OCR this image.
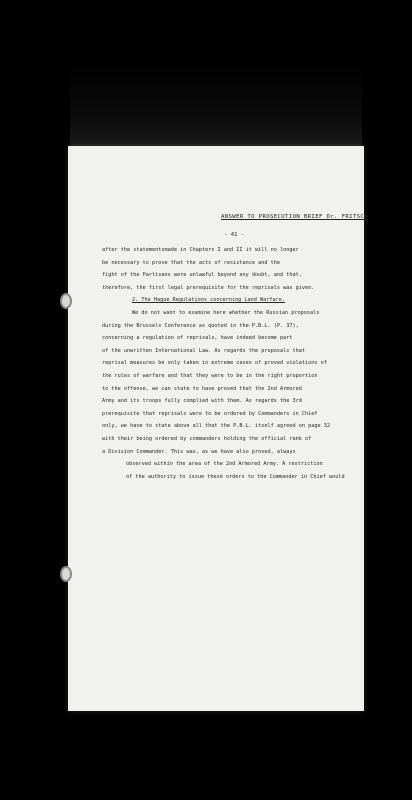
ANSWER TO PROSECUTION BRIEF Dr. FRITSCH
- 41 -

after the statementsmade in Chapters I and II it will no longer

be necessary to prove that the acts of resistance and the

fight of the Partisans were unlawful beyond any doubt, and that,

therefore, the first legal prerequisite for the reprisals was given.

2. The Hague Regulations concerning Land Warfare.

We do not want to examine here whether the Russian proposals

during the Brussels Conference as quoted in the P.B.L. (P. 37),

concerning a regulation of reprisals, have indeed become part

of the unwritten International Law. As regards the proposals that

reprisal measures be only taken in extreme cases of proved violations of

the rules of warfare and that they were to be in the right proportion

to the offense, we can state to have proved that the 2nd Armored

Army and its troops fully complied with them. As regards the 3rd

prerequisite that reprisals were to be ordered by Commanders in Chief

only, we have to state above all that the P.B.L. itself agreed on page 32

with their being ordered by commanders holding the official rank of

a Division Commander. This was, as we have also proved, always

observed within the area of the 2nd Armored Army. A restriction

of the authority to issue these orders to the Commander in Chief would
